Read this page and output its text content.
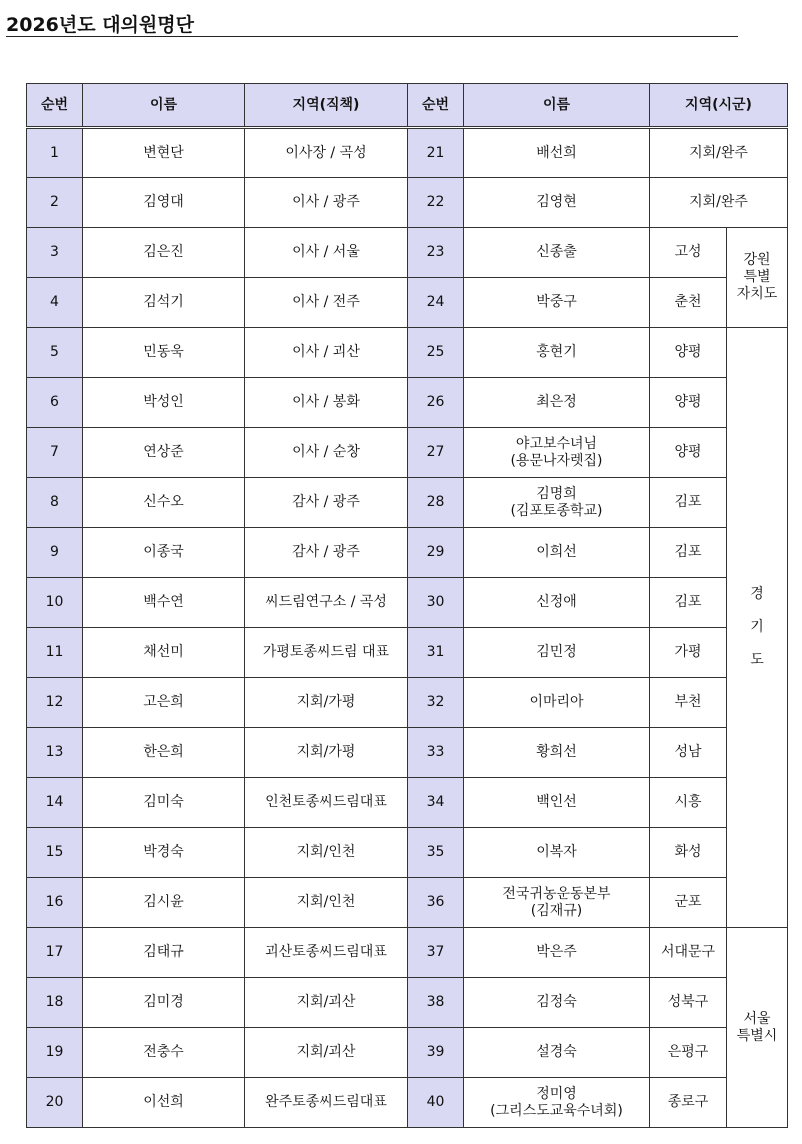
2026년도 대의원명단
순번	이름	지역(직책)	순번	이름	지역(시군)	
1	변현단	이사장 / 곡성	21	배선희	지회/완주	
2	김영대	이사 / 광주	22	김영현	지회/완주	
3	김은진	이사 / 서울	23	신종출	고성	강원
특별
자치도

4	김석기	이사 / 전주	24	박중구	춘천	
5	민동욱	이사 / 괴산	25	홍현기	양평	경
기
도

6	박성인	이사 / 봉화	26	최은정	양평	
7	연상준	이사 / 순창	27	야고보수녀님
(용문나자렛집)	양평	
8	신수오	감사 / 광주	28	김명희
(김포토종학교)	김포	
9	이종국	감사 / 광주	29	이희선	김포	
10	백수연	씨드림연구소 / 곡성	30	신정애	김포	
11	채선미	가평토종씨드림 대표	31	김민정	가평	
12	고은희	지회/가평	32	이마리아	부천	
13	한은희	지회/가평	33	황희선	성남	
14	김미숙	인천토종씨드림대표	34	백인선	시흥	
15	박경숙	지회/인천	35	이복자	화성	
16	김시윤	지회/인천	36	전국귀농운동본부
(김재규)	군포	
17	김태규	괴산토종씨드림대표	37	박은주	서대문구	서울
특별시

18	김미경	지회/괴산	38	김정숙	성북구	
19	전충수	지회/괴산	39	설경숙	은평구	
20	이선희	완주토종씨드림대표	40	정미영
(그리스도교육수녀회)	종로구	
